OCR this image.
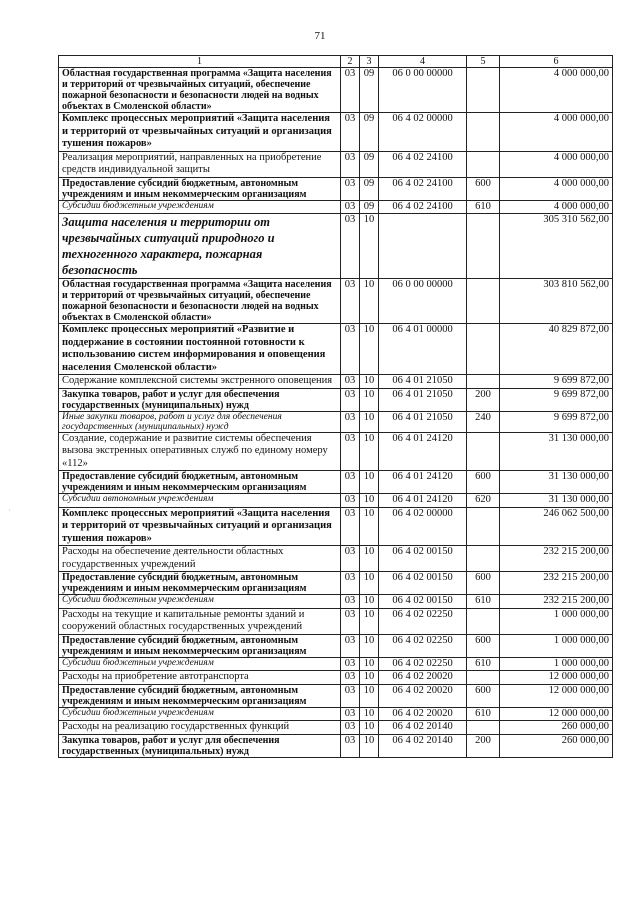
71
1	2	3	4	5	6
Областная государственная программа «Защита населения и территорий от чрезвычайных ситуаций, обеспечение пожарной безопасности и безопасности людей на водных объектах в Смоленской области»	03	09	06 0 00 00000		4 000 000,00
Комплекс процессных мероприятий «Защита населения и территорий от чрезвычайных ситуаций и организация тушения пожаров»	03	09	06 4 02 00000		4 000 000,00
Реализация мероприятий, направленных на приобретение средств индивидуальной защиты	03	09	06 4 02 24100		4 000 000,00
Предоставление субсидий бюджетным, автономным учреждениям и иным некоммерческим организациям	03	09	06 4 02 24100	600	4 000 000,00
Субсидии бюджетным учреждениям	03	09	06 4 02 24100	610	4 000 000,00
Защита населения и территории от чрезвычайных ситуаций природного и техногенного характера, пожарная безопасность	03	10			305 310 562,00
Областная государственная программа «Защита населения и территорий от чрезвычайных ситуаций, обеспечение пожарной безопасности и безопасности людей на водных объектах в Смоленской области»	03	10	06 0 00 00000		303 810 562,00
Комплекс процессных мероприятий «Развитие и поддержание в состоянии постоянной готовности к использованию систем информирования и оповещения населения Смоленской области»	03	10	06 4 01 00000		40 829 872,00
Содержание комплексной системы экстренного оповещения	03	10	06 4 01 21050		9 699 872,00
Закупка товаров, работ и услуг для обеспечения государственных (муниципальных) нужд	03	10	06 4 01 21050	200	9 699 872,00
Иные закупки товаров, работ и услуг для обеспечения государственных (муниципальных) нужд	03	10	06 4 01 21050	240	9 699 872,00
Создание, содержание и развитие системы обеспечения вызова экстренных оперативных служб по единому номеру «112»	03	10	06 4 01 24120		31 130 000,00
Предоставление субсидий бюджетным, автономным учреждениям и иным некоммерческим организациям	03	10	06 4 01 24120	600	31 130 000,00
Субсидии автономным учреждениям	03	10	06 4 01 24120	620	31 130 000,00
Комплекс процессных мероприятий «Защита населения и территорий от чрезвычайных ситуаций и организация тушения пожаров»	03	10	06 4 02 00000		246 062 500,00
Расходы на обеспечение деятельности областных государственных учреждений	03	10	06 4 02 00150		232 215 200,00
Предоставление субсидий бюджетным, автономным учреждениям и иным некоммерческим организациям	03	10	06 4 02 00150	600	232 215 200,00
Субсидии бюджетным учреждениям	03	10	06 4 02 00150	610	232 215 200,00
Расходы на текущие и капитальные ремонты зданий и сооружений областных государственных учреждений	03	10	06 4 02 02250		1 000 000,00
Предоставление субсидий бюджетным, автономным учреждениям и иным некоммерческим организациям	03	10	06 4 02 02250	600	1 000 000,00
Субсидии бюджетным учреждениям	03	10	06 4 02 02250	610	1 000 000,00
Расходы на приобретение автотранспорта	03	10	06 4 02 20020		12 000 000,00
Предоставление субсидий бюджетным, автономным учреждениям и иным некоммерческим организациям	03	10	06 4 02 20020	600	12 000 000,00
Субсидии бюджетным учреждениям	03	10	06 4 02 20020	610	12 000 000,00
Расходы на реализацию государственных функций	03	10	06 4 02 20140		260 000,00
Закупка товаров, работ и услуг для обеспечения государственных (муниципальных) нужд	03	10	06 4 02 20140	200	260 000,00
˙
